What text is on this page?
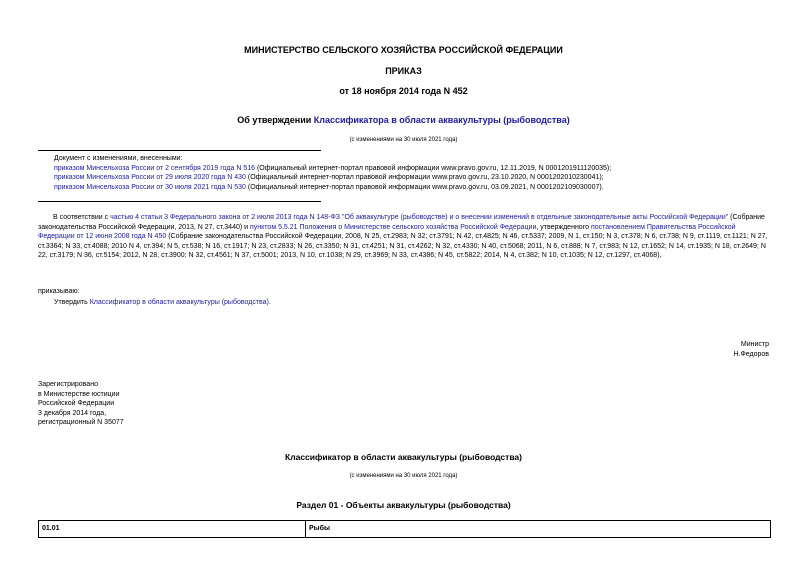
МИНИСТЕРСТВО СЕЛЬСКОГО ХОЗЯЙСТВА РОССИЙСКОЙ ФЕДЕРАЦИИ
ПРИКАЗ
от 18 ноября 2014 года N 452
Об утверждении Классификатора в области аквакультуры (рыбоводства)
(с изменениями на 30 июля 2021 года)
Документ с изменениями, внесенными:
приказом Минсельхоза России от 2 сентября 2019 года N 516 (Официальный интернет-портал правовой информации www.pravo.gov.ru, 12.11.2019, N 0001201911120035);
приказом Минсельхоза России от 29 июля 2020 года N 430 (Официальный интернет-портал правовой информации www.pravo.gov.ru, 23.10.2020, N 0001202010230041);
приказом Минсельхоза России от 30 июля 2021 года N 530 (Официальный интернет-портал правовой информации www.pravo.gov.ru, 03.09.2021, N 0001202109030007).
В соответствии с частью 4 статьи 3 Федерального закона от 2 июля 2013 года N 148-ФЗ "Об аквакультуре (рыбоводстве) и о внесении изменений в отдельные законодательные акты Российской Федерации" (Собрание законодательства Российской Федерации, 2013, N 27, ст.3440) и пунктом 5.5.21 Положения о Министерстве сельского хозяйства Российской Федерации, утвержденного постановлением Правительства Российской Федерации от 12 июня 2008 года N 450 (Собрание законодательства Российской Федерации, 2008, N 25, ст.2983; N 32; ст.3791; N 42, ст.4825; N 46, ст.5337; 2009, N 1, ст.150; N 3, ст.378; N 6, ст.738; N 9, ст.1119, ст.1121; N 27, ст.3364; N 33, ст.4088; 2010 N 4, ст.394; N 5, ст.538; N 16, ст.1917; N 23, ст.2833; N 26, ст.3350; N 31, ст.4251; N 31, ст.4262; N 32, ст.4330; N 40, ст.5068; 2011, N 6, ст.888; N 7, ст.983; N 12, ст.1652; N 14, ст.1935; N 18, ст.2649; N 22, ст.3179; N 36, ст.5154; 2012, N 28, ст.3900; N 32, ст.4561; N 37, ст.5001; 2013, N 10, ст.1038; N 29, ст.3969; N 33, ст.4386; N 45, ст.5822; 2014, N 4, ст.382; N 10, ст.1035; N 12, ст.1297, ст.4068),
приказываю:
Утвердить Классификатор в области аквакультуры (рыбоводства).
Министр
Н.Федоров
Зарегистрировано
в Министерстве юстиции
Российской Федерации
3 декабря 2014 года,
регистрационный N 35077
Классификатор в области аквакультуры (рыбоводства)
(с изменениями на 30 июля 2021 года)
Раздел 01 - Объекты аквакультуры (рыбоводства)
01.01	Рыбы
